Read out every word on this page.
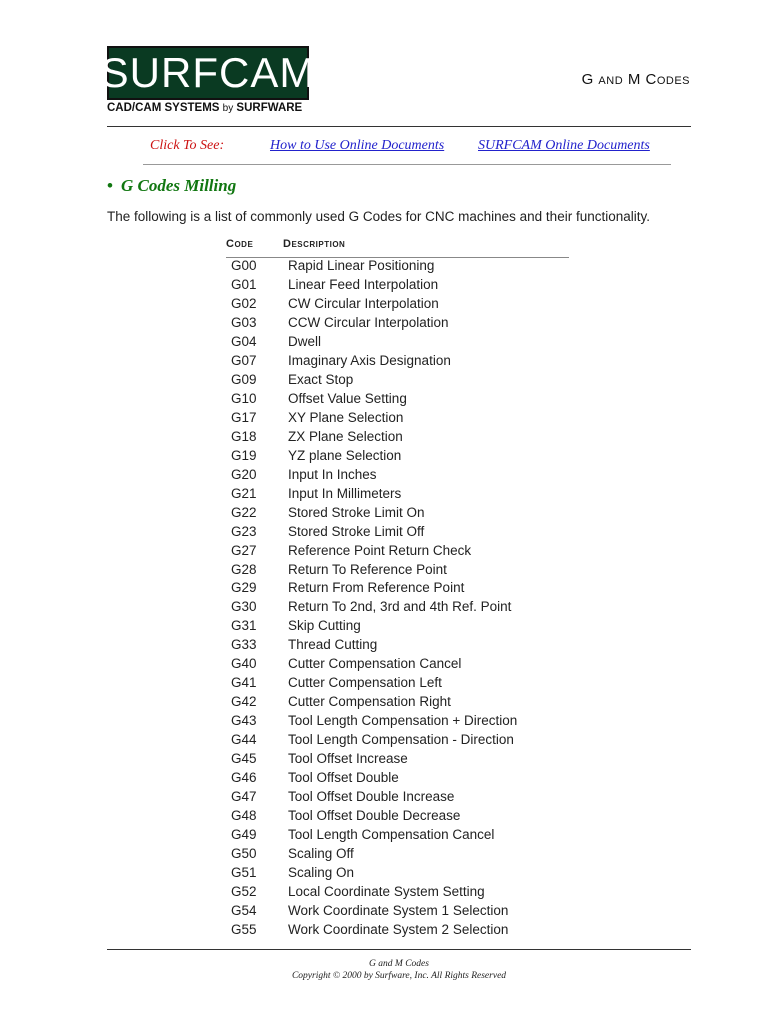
SURFCAM
CAD/CAM SYSTEMS by SURFWARE
G and M Codes
Click To See:	How to Use Online Documents SURFCAM Online Documents
• G Codes Milling
The following is a list of commonly used G Codes for CNC machines and their functionality.
Code	Description
G00 Rapid Linear Positioning
G01 Linear Feed Interpolation
G02 CW Circular Interpolation
G03 CCW Circular Interpolation
G04 Dwell
G07 Imaginary Axis Designation
G09 Exact Stop
G10 Offset Value Setting
G17 XY Plane Selection
G18 ZX Plane Selection
G19 YZ plane Selection
G20 Input In Inches
G21 Input In Millimeters
G22 Stored Stroke Limit On
G23 Stored Stroke Limit Off
G27 Reference Point Return Check
G28 Return To Reference Point
G29 Return From Reference Point
G30 Return To 2nd, 3rd and 4th Ref. Point
G31 Skip Cutting
G33 Thread Cutting
G40 Cutter Compensation Cancel
G41 Cutter Compensation Left
G42 Cutter Compensation Right
G43 Tool Length Compensation + Direction
G44 Tool Length Compensation - Direction
G45 Tool Offset Increase
G46 Tool Offset Double
G47 Tool Offset Double Increase
G48 Tool Offset Double Decrease
G49 Tool Length Compensation Cancel
G50 Scaling Off
G51 Scaling On
G52 Local Coordinate System Setting
G54 Work Coordinate System 1 Selection
G55 Work Coordinate System 2 Selection
G and M Codes
Copyright © 2000 by Surfware, Inc. All Rights Reserved
